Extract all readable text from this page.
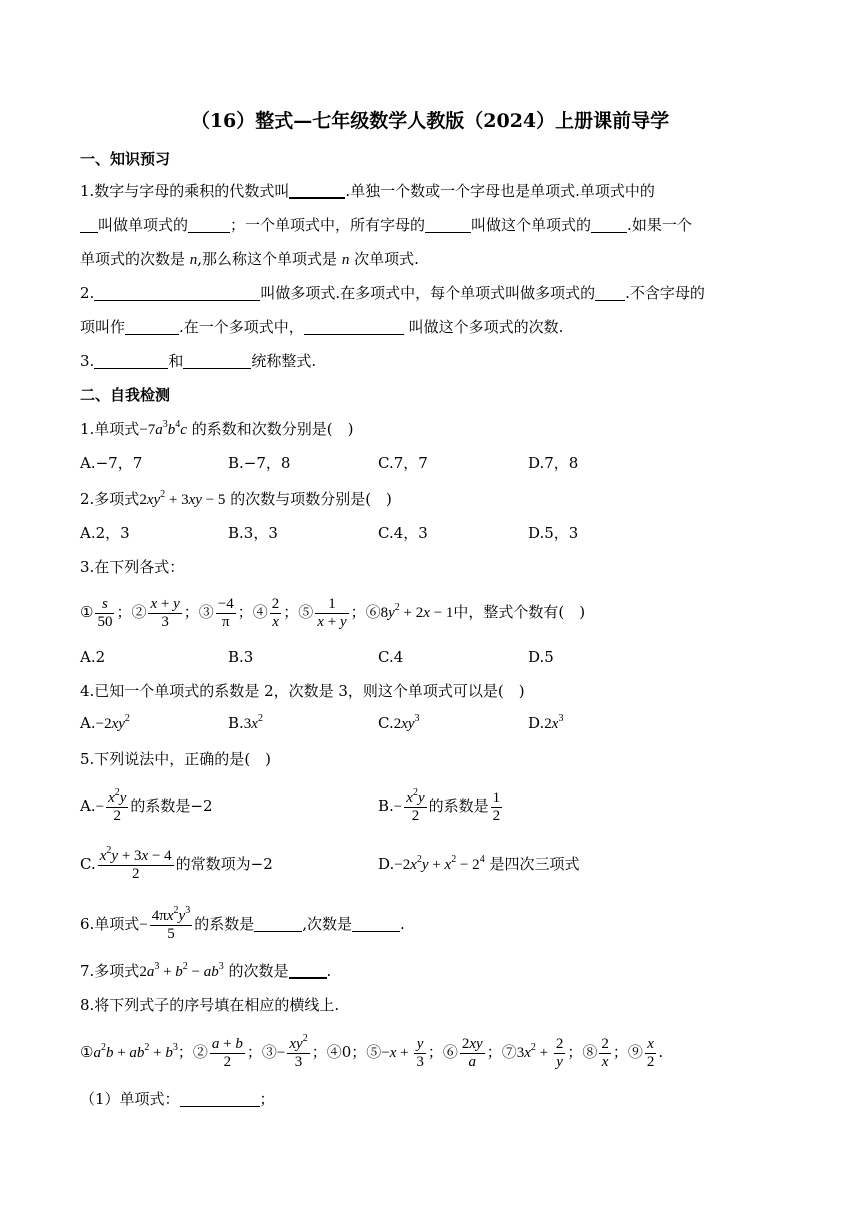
（16）整式—七年级数学人教版（2024）上册课前导学
一、知识预习
1.数字与字母的乘积的代数式叫	.单独一个数或一个字母也是单项式.单项式中的
叫做单项式的	；一个单项式中，所有字母的	叫做这个单项式的 .如果一个
单项式的次数是 n,那么称这个单项式是 n 次单项式.
2.	叫做多项式.在多项式中，每个单项式叫做多项式的 .不含字母的
项叫作	.在一个多项式中，	叫做这个多项式的次数.
3.	和	统称整式.
二、自我检测
1.单项式$-7a^3b^4c$ 的系数和次数分别是(　)
A.−7，7	B.−7，8	C.7，7	D.7，8
2.多项式$2xy^2 + 3xy - 5$ 的次数与项数分别是(　)
A.2，3	B.3，3	C.4，3	D.5，3
3.在下列各式：
① $\frac{s}{50}$ ；② $\frac{x + y}{3}$ ；③ $\frac{-4}{\pi}$ ；④ $\frac{2}{x}$ ；⑤ $\frac{1}{x + y}$ ；$⑥8y^2 + 2x - 1$中，整式个数有(　)
A.2	B.3	C.4	D.5
4.已知一个单项式的系数是 2，次数是 3，则这个单项式可以是(　)
$A.-2xy^2$	$B.3x^2$	$C.2xy^3$	$D.2x^3$
5.下列说法中，正确的是(　)
$A.- \frac{x^2y}{2}$ 的系数是−2	$B.- \frac{x^2y}{2}$ 的系数是 $\frac{1}{2}$
C. $\frac{x^2y + 3x - 4}{2}$ 的常数项为−2	$D.-2x^2y + x^2 - 2^4$ 是四次三项式
6.单项式− $\frac{4\pi x^2y^3}{5}$ 的系数是	,次数是	.
7.多项式$2a^3 + b^2 - ab^3$ 的次数是	.
8.将下列式子的序号填在相应的横线上.
$①a^2b + ab^2 + b^3$；② $\frac{a + b}{2}$ ；③− $\frac{xy^2}{3}$ ；④0；⑤−x + $\frac{y}{3}$ ；⑥ $\frac{2xy}{a}$ ；$⑦3x^2 + \frac{2}{y}$ ；⑧ $\frac{2}{x}$ ；⑨ $\frac{x}{2}$ .
（1）单项式：	；
